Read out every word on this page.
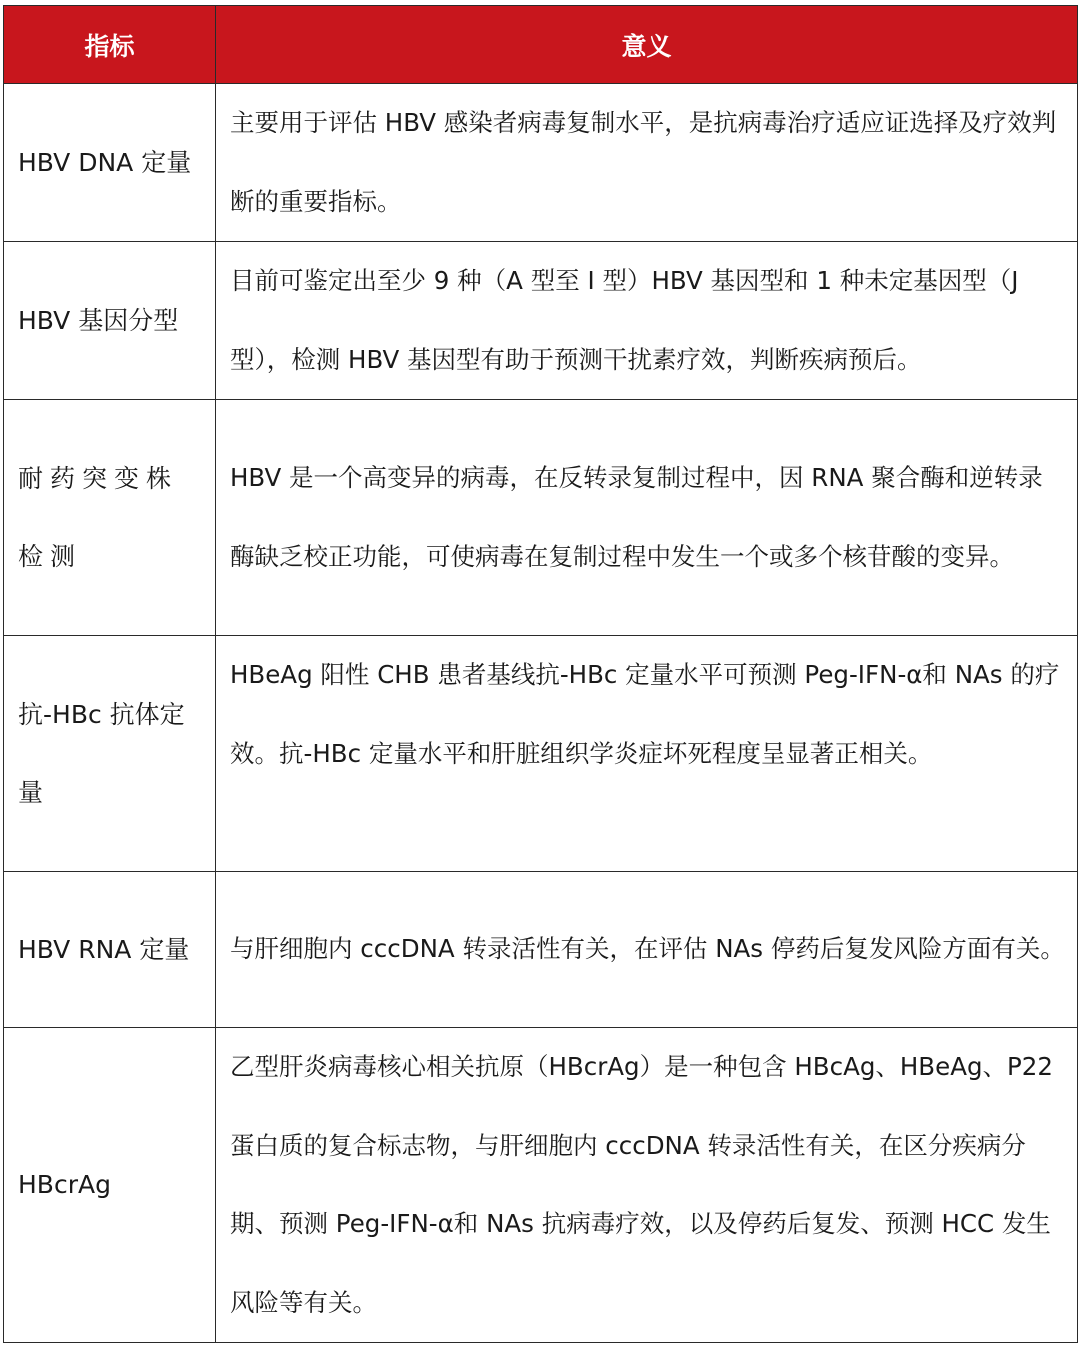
指标	意义

HBV DNA 定量	主要用于评估 HBV 感染者病毒复制水平，是抗病毒治疗适应证选择及疗效判断的重要指标。

HBV 基因分型	目前可鉴定出至少 9 种（A 型至 I 型）HBV 基因型和 1 种未定基因型（J 型），检测 HBV 基因型有助于预测干扰素疗效，判断疾病预后。

耐药突变株检测	HBV 是一个高变异的病毒，在反转录复制过程中，因 RNA 聚合酶和逆转录酶缺乏校正功能，可使病毒在复制过程中发生一个或多个核苷酸的变异。

抗-HBc 抗体定量	HBeAg 阳性 CHB 患者基线抗-HBc 定量水平可预测 Peg-IFN-α和 NAs 的疗效。抗-HBc 定量水平和肝脏组织学炎症坏死程度呈显著正相关。

HBV RNA 定量	与肝细胞内 cccDNA 转录活性有关，在评估 NAs 停药后复发风险方面有关。

HBcrAg	乙型肝炎病毒核心相关抗原（HBcrAg）是一种包含 HBcAg、HBeAg、P22 蛋白质的复合标志物，与肝细胞内 cccDNA 转录活性有关，在区分疾病分期、预测 Peg-IFN-α和 NAs 抗病毒疗效，以及停药后复发、预测 HCC 发生风险等有关。
